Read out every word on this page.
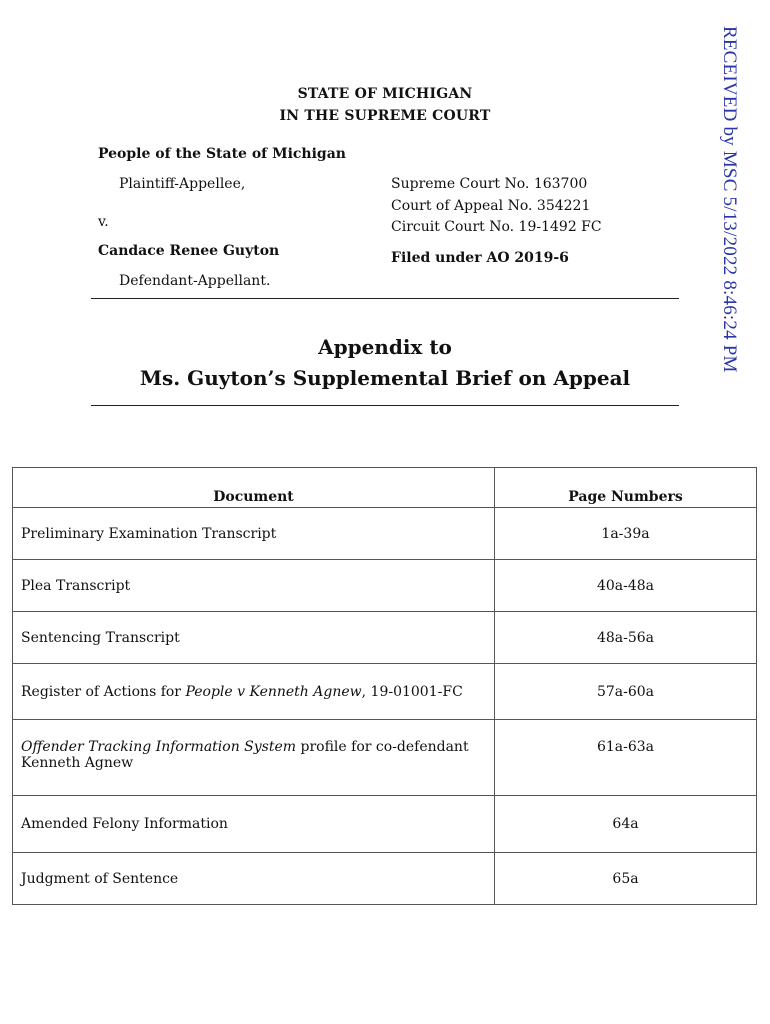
RECEIVED by MSC 5/13/2022 8:46:24 PM
STATE OF MICHIGAN
IN THE SUPREME COURT
People of the State of Michigan
Plaintiff-Appellee,
v.
Candace Renee Guyton
Defendant-Appellant.
Supreme Court No. 163700
Court of Appeal No. 354221
Circuit Court No. 19-1492 FC
Filed under AO 2019-6
Appendix to
Ms. Guyton’s Supplemental Brief on Appeal
Document	Page Numbers
Preliminary Examination Transcript	1a-39a
Plea Transcript	40a-48a
Sentencing Transcript	48a-56a
Register of Actions for People v Kenneth Agnew, 19-01001-FC	57a-60a
Offender Tracking Information System profile for co-defendant Kenneth Agnew	61a-63a
Amended Felony Information	64a
Judgment of Sentence	65a
